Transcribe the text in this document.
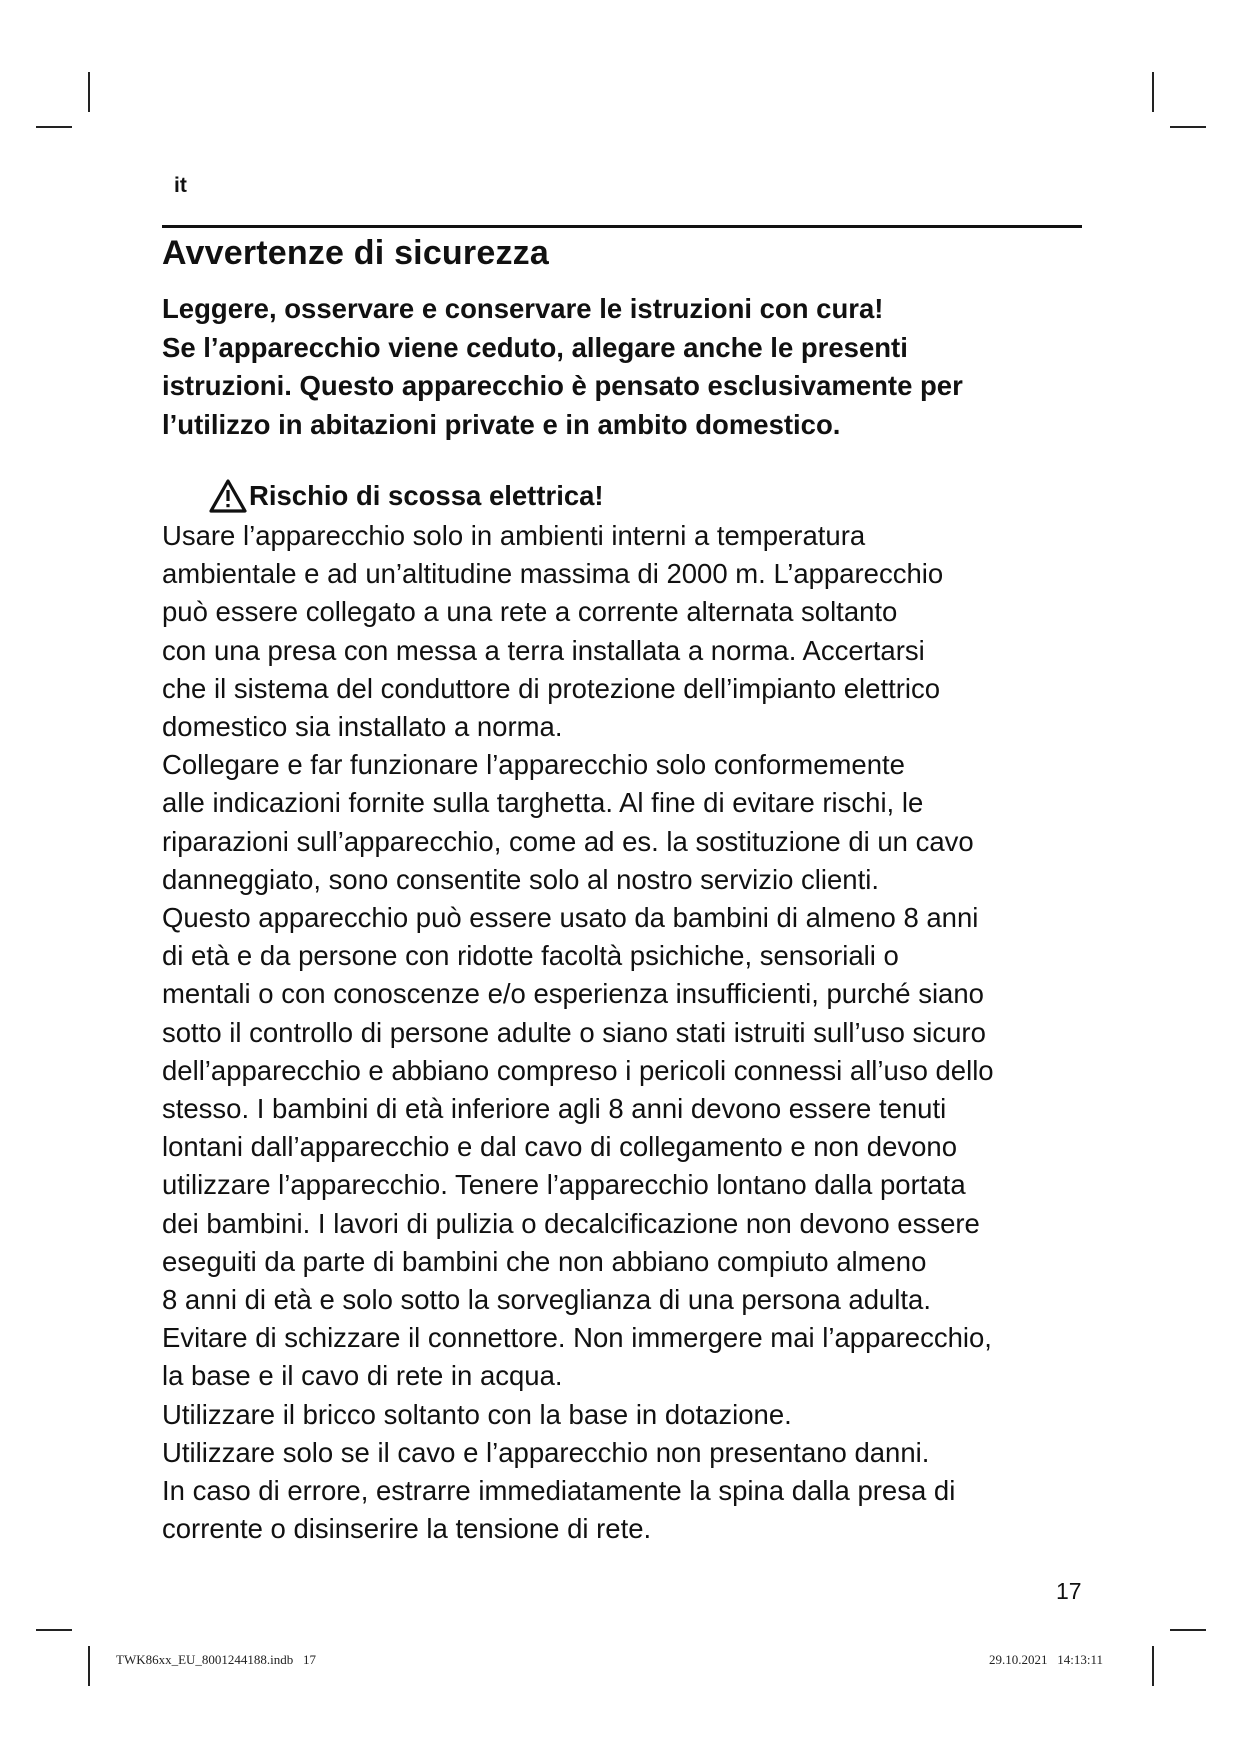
it
Avvertenze di sicurezza
Leggere, osservare e conservare le istruzioni con cura!
Se l’apparecchio viene ceduto, allegare anche le presenti
istruzioni. Questo apparecchio è pensato esclusivamente per
l’utilizzo in abitazioni private e in ambito domestico.
Rischio di scossa elettrica!
Usare l’apparecchio solo in ambienti interni a temperatura
ambientale e ad un’altitudine massima di 2000 m. L’apparecchio
può essere collegato a una rete a corrente alternata soltanto
con una presa con messa a terra installata a norma. Accertarsi
che il sistema del conduttore di protezione dell’impianto elettrico
domestico sia installato a norma.
Collegare e far funzionare l’apparecchio solo conformemente
alle indicazioni fornite sulla targhetta. Al fine di evitare rischi, le
riparazioni sull’apparecchio, come ad es. la sostituzione di un cavo
danneggiato, sono consentite solo al nostro servizio clienti.
Questo apparecchio può essere usato da bambini di almeno 8 anni
di età e da persone con ridotte facoltà psichiche, sensoriali o
mentali o con conoscenze e/o esperienza insufficienti, purché siano
sotto il controllo di persone adulte o siano stati istruiti sull’uso sicuro
dell’apparecchio e abbiano compreso i pericoli connessi all’uso dello
stesso. I bambini di età inferiore agli 8 anni devono essere tenuti
lontani dall’apparecchio e dal cavo di collegamento e non devono
utilizzare l’apparecchio. Tenere l’apparecchio lontano dalla portata
dei bambini. I lavori di pulizia o decalcificazione non devono essere
eseguiti da parte di bambini che non abbiano compiuto almeno
8 anni di età e solo sotto la sorveglianza di una persona adulta.
Evitare di schizzare il connettore. Non immergere mai l’apparecchio,
la base e il cavo di rete in acqua.
Utilizzare il bricco soltanto con la base in dotazione.
Utilizzare solo se il cavo e l’apparecchio non presentano danni.
In caso di errore, estrarre immediatamente la spina dalla presa di
corrente o disinserire la tensione di rete.
17
TWK86xx_EU_8001244188.indb   17	29.10.2021   14:13:11
